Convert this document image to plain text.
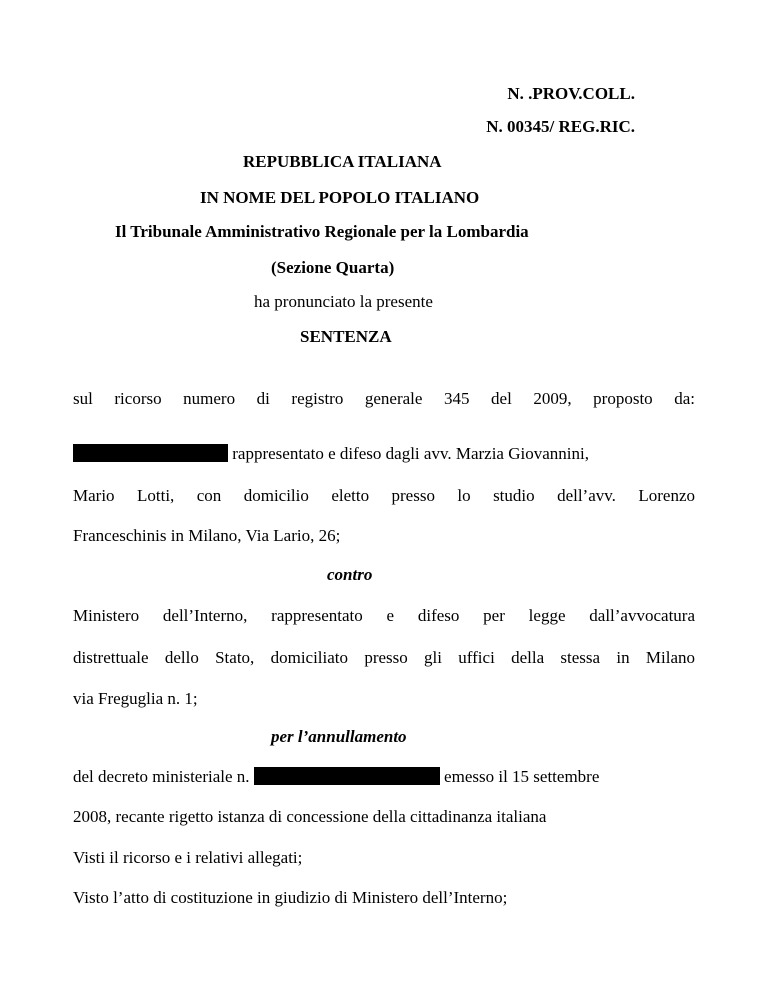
N. .PROV.COLL.
N. 00345/ REG.RIC.
REPUBBLICA ITALIANA
IN NOME DEL POPOLO ITALIANO
Il Tribunale Amministrativo Regionale per la Lombardia
(Sezione Quarta)
ha pronunciato la presente
SENTENZA
sul ricorso numero di registro generale 345 del 2009, proposto da:
rappresentato e difeso dagli avv. Marzia Giovannini,
Mario Lotti, con domicilio eletto presso lo studio dell’avv. Lorenzo
Franceschinis in Milano, Via Lario, 26;
contro
Ministero dell’Interno, rappresentato e difeso per legge dall’avvocatura
distrettuale dello Stato, domiciliato presso gli uffici della stessa in Milano
via Freguglia n. 1;
per l’annullamento
del decreto ministeriale n.	emesso il 15 settembre
2008, recante rigetto istanza di concessione della cittadinanza italiana
Visti il ricorso e i relativi allegati;
Visto l’atto di costituzione in giudizio di Ministero dell’Interno;
